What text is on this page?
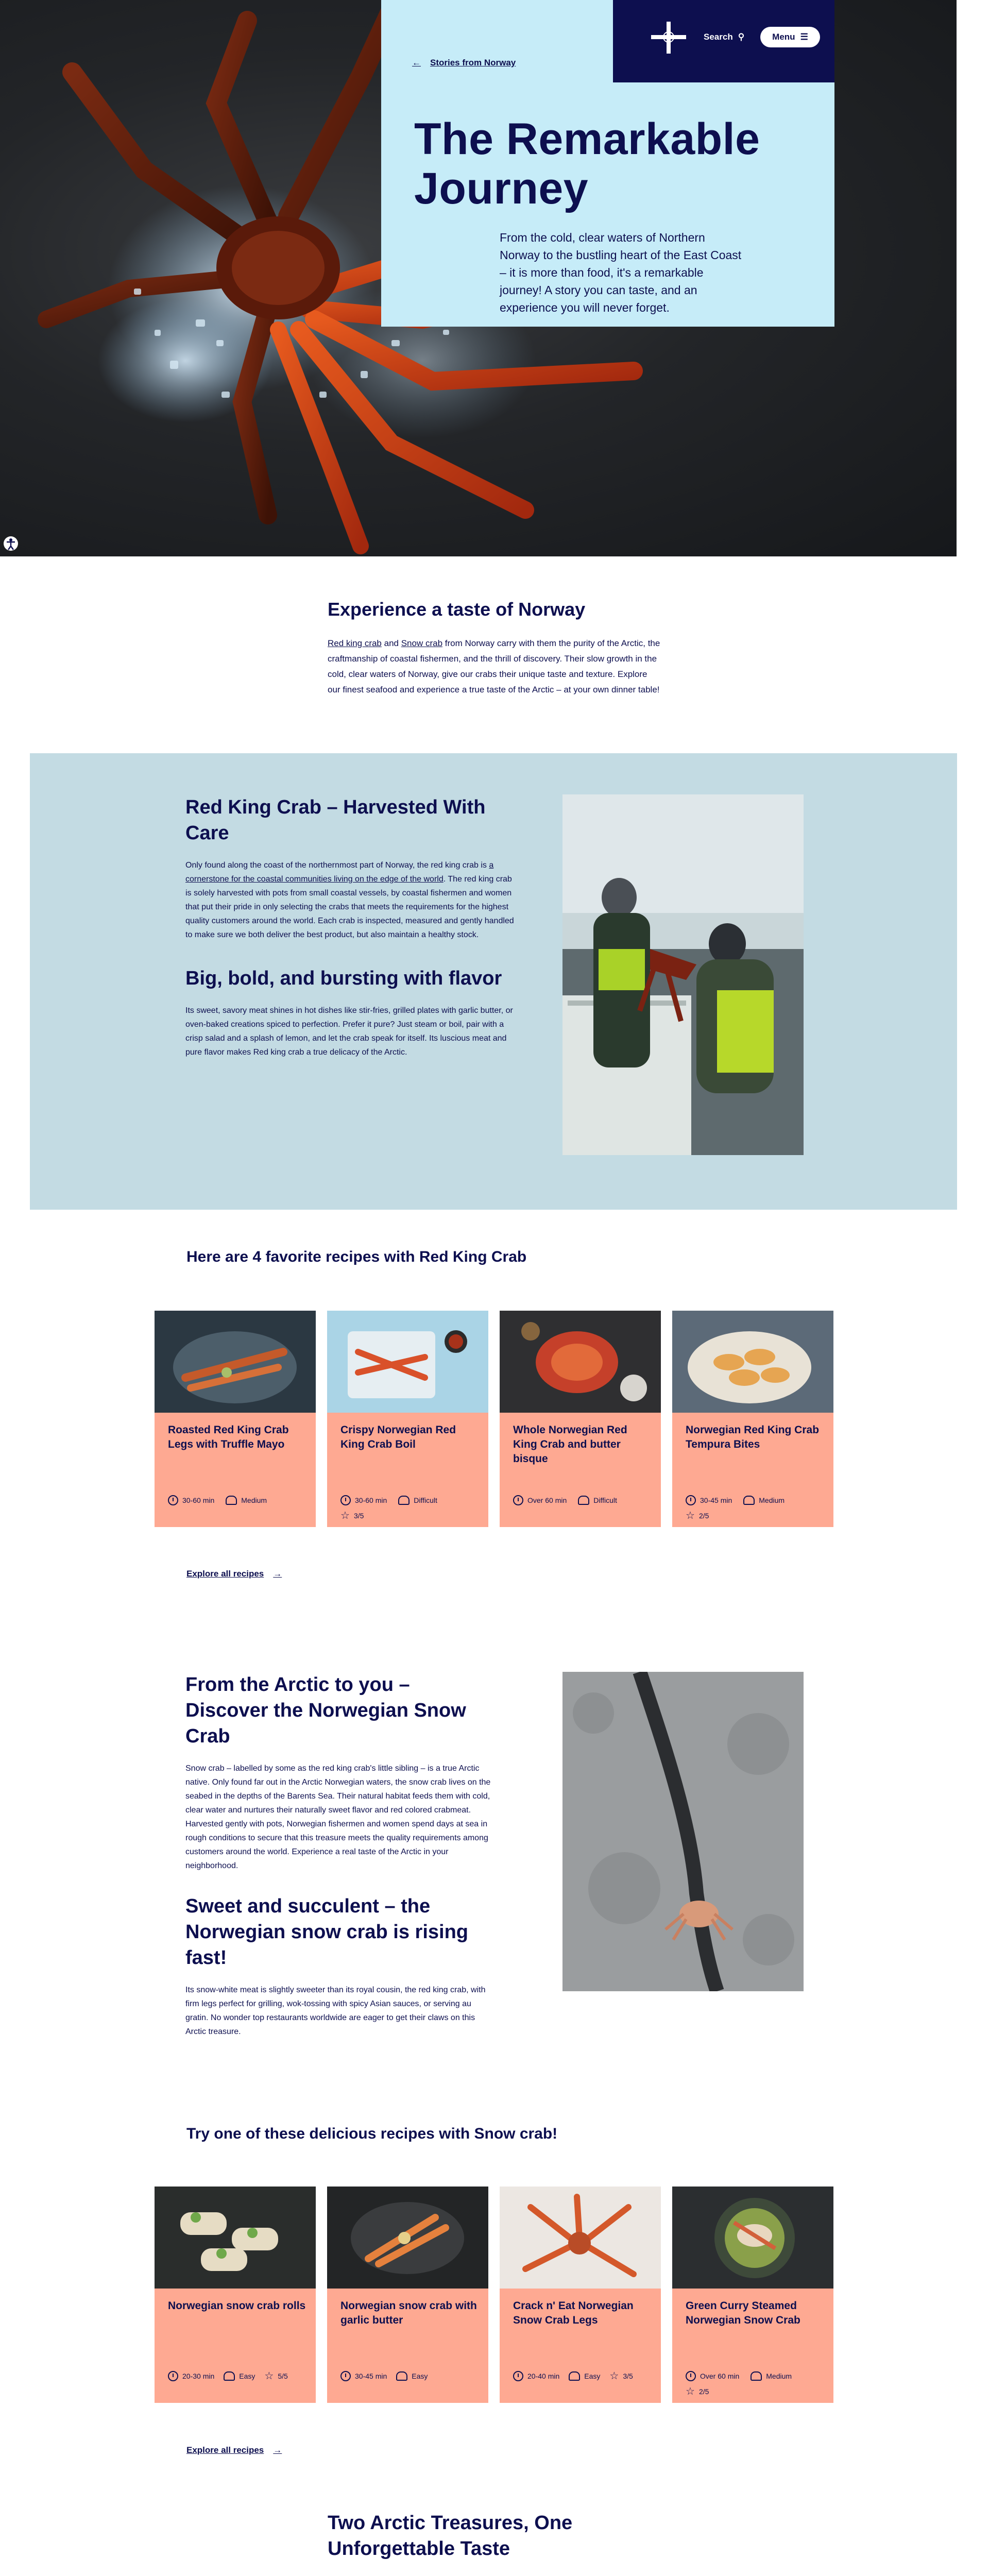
← Stories from Norway
The Remarkable Journey

From the cold, clear waters of Northern Norway to the bustling heart of the East Coast – it is more than food, it's a remarkable journey! A story you can taste, and an experience you will never forget.

Search ⚲	Menu ☰
Experience a taste of Norway

Red king crab and Snow crab from Norway carry with them the purity of the Arctic, the craftmanship of coastal fishermen, and the thrill of discovery. Their slow growth in the cold, clear waters of Norway, give our crabs their unique taste and texture. Explore our finest seafood and experience a true taste of the Arctic – at your own dinner table!

Red King Crab – Harvested With Care

Only found along the coast of the northernmost part of Norway, the red king crab is a cornerstone for the coastal communities living on the edge of the world. The red king crab is solely harvested with pots from small coastal vessels, by coastal fishermen and women that put their pride in only selecting the crabs that meets the requirements for the highest quality customers around the world. Each crab is inspected, measured and gently handled to make sure we both deliver the best product, but also maintain a healthy stock.

Big, bold, and bursting with flavor

Its sweet, savory meat shines in hot dishes like stir-fries, grilled plates with garlic butter, or oven-baked creations spiced to perfection. Prefer it pure? Just steam or boil, pair with a crisp salad and a splash of lemon, and let the crab speak for itself. Its luscious meat and pure flavor makes Red king crab a true delicacy of the Arctic.

Here are 4 favorite recipes with Red King Crab
Roasted Red King Crab Legs with Truffle Mayo
30-60 min	Medium
Crispy Norwegian Red King Crab Boil
30-60 min	Difficult
☆ 3/5
Whole Norwegian Red King Crab and butter bisque
Over 60 min	Difficult
Norwegian Red King Crab Tempura Bites
30-45 min	Medium
☆ 2/5
Explore all recipes →
From the Arctic to you – Discover the Norwegian Snow Crab

Snow crab – labelled by some as the red king crab's little sibling – is a true Arctic native. Only found far out in the Arctic Norwegian waters, the snow crab lives on the seabed in the depths of the Barents Sea. Their natural habitat feeds them with cold, clear water and nurtures their naturally sweet flavor and red colored crabmeat. Harvested gently with pots, Norwegian fishermen and women spend days at sea in rough conditions to secure that this treasure meets the quality requirements among customers around the world. Experience a real taste of the Arctic in your neighborhood.

Sweet and succulent – the Norwegian snow crab is rising fast!

Its snow-white meat is slightly sweeter than its royal cousin, the red king crab, with firm legs perfect for grilling, wok-tossing with spicy Asian sauces, or serving au gratin. No wonder top restaurants worldwide are eager to get their claws on this Arctic treasure.

Try one of these delicious recipes with Snow crab!
Norwegian snow crab rolls
20-30 min	Easy ☆ 5/5
Norwegian snow crab with garlic butter
30-45 min	Easy
Crack n' Eat Norwegian Snow Crab Legs
20-40 min	Easy ☆ 3/5
Green Curry Steamed Norwegian Snow Crab
Over 60 min	Medium
☆ 2/5
Explore all recipes →
Two Arctic Treasures, One Unforgettable Taste
